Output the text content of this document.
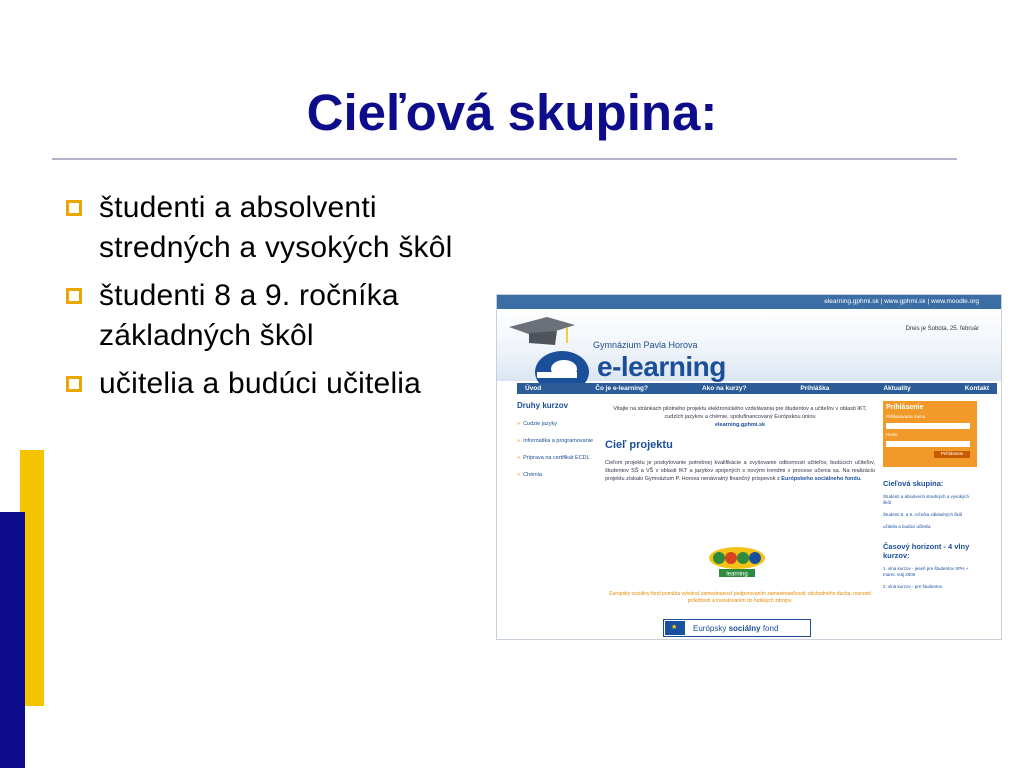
Cieľová skupina:
študenti a absolventi stredných a vysokých škôl
študenti 8 a 9. ročníka základných škôl
učitelia a budúci učitelia
elearning.gphmi.sk | www.gphmi.sk | www.moodle.org
Dnes je Sobota, 25. február
Gymnázium Pavla Horova
e-learning
Úvod	Čo je e-learning?	Ako na kurzy?	Príhláška	Aktuality	Kontakt
Druhy kurzov
» Cudzie jazyky
» Informatika a programovanie
» Príprava na certifikát ECDL
» Chémia
Vitajte na stránkach pilotného projektu elektronického vzdelávania pre študentov a učiteľov v oblasti IKT, cudzích jazykov a chémie, spolufinancovaný Európskou úniou
elearning.gphmi.sk
Cieľ projektu
Cieľom projektu je poskytovanie potrebnej kvalifikácie a zvyšovanie odbornosti učiteľov, budúcich učiteľov, študentov SŠ a VŠ v oblasti IKT a jazykov spojených s novými trendmi v procese učenia sa. Na realizáciu projektu získalo Gymnázium P. Horova nenávratný finančný príspevok z Európskeho sociálneho fondu.
learning
Európsky sociálny fond pomáha vytvárať zamestnanosť podporovaním zamestnateľnosti, obchodného ducha, rovnosti príležitostí a investovaním do ľudských zdrojov.
★
Európsky sociálny fond
Prihlásenie
Prihlasovacie meno
Heslo
Prihlásenie
Cieľová skupina:
Študenti a absolventi stredných a vysokých škôl
Študenti 8. a 9. ročníka základných škôl
učitelia a budúci učitelia
Časový horizont - 4 vlny kurzov:
1. vlna kurzov - jeseň pre študentov SPH + marec máj 2006
2. vlna kurzov - pre študentov
